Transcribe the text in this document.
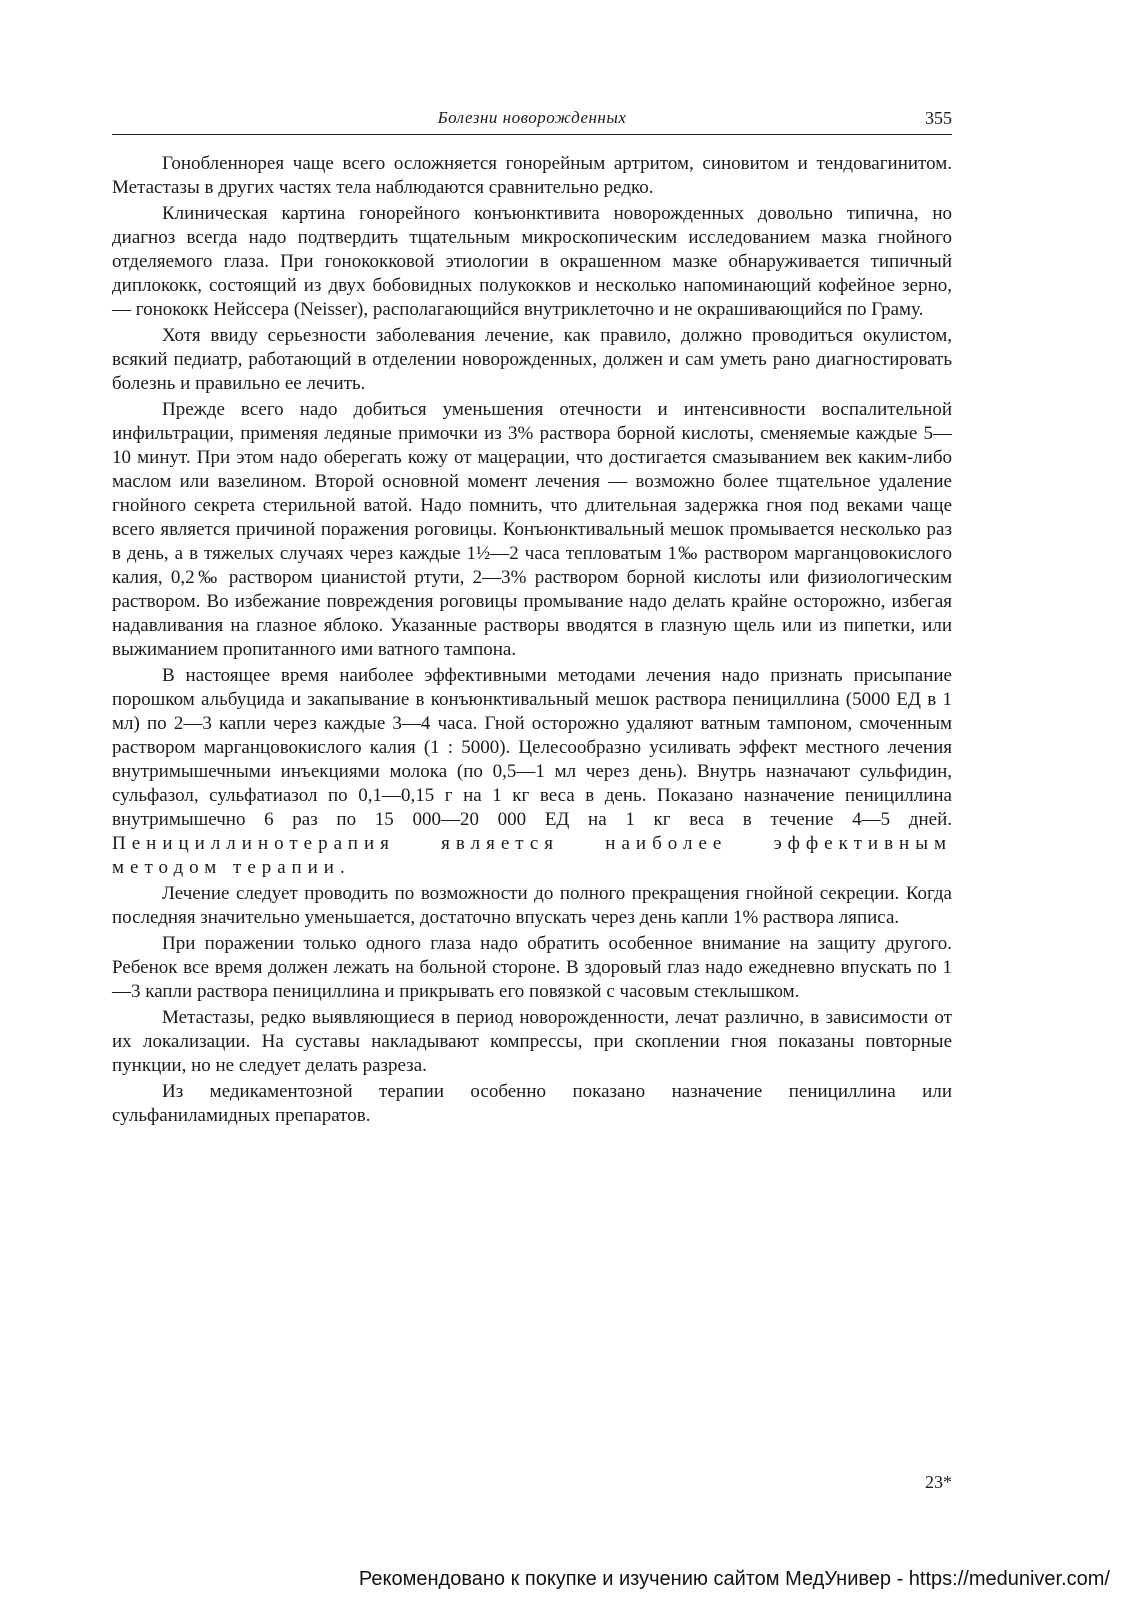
Болезни новорожденных	355

Гонобленнорея чаще всего осложняется гонорейным артритом, синовитом и тендовагинитом. Метастазы в других частях тела наблюдаются сравнительно редко.

Клиническая картина гонорейного конъюнктивита новорожденных довольно типична, но диагноз всегда надо подтвердить тщательным микроскопическим исследованием мазка гнойного отделяемого глаза. При гонококковой этиологии в окрашенном мазке обнаруживается типичный диплококк, состоящий из двух бобовидных полукокков и несколько напоминающий кофейное зерно, — гонококк Нейссера (Neisser), располагающийся внутриклеточно и не окрашивающийся по Граму.

Хотя ввиду серьезности заболевания лечение, как правило, должно проводиться окулистом, всякий педиатр, работающий в отделении новорожденных, должен и сам уметь рано диагностировать болезнь и правильно ее лечить.

Прежде всего надо добиться уменьшения отечности и интенсивности воспалительной инфильтрации, применяя ледяные примочки из 3% раствора борной кислоты, сменяемые каждые 5—10 минут. При этом надо оберегать кожу от мацерации, что достигается смазыванием век каким-либо маслом или вазелином. Второй основной момент лечения — возможно более тщательное удаление гнойного секрета стерильной ватой. Надо помнить, что длительная задержка гноя под веками чаще всего является причиной поражения роговицы. Конъюнктивальный мешок промывается несколько раз в день, а в тяжелых случаях через каждые 1½—2 часа тепловатым 1‰ раствором марганцовокислого калия, 0,2‰ раствором цианистой ртути, 2—3% раствором борной кислоты или физиологическим раствором. Во избежание повреждения роговицы промывание надо делать крайне осторожно, избегая надавливания на глазное яблоко. Указанные растворы вводятся в глазную щель или из пипетки, или выжиманием пропитанного ими ватного тампона.

В настоящее время наиболее эффективными методами лечения надо признать присыпание порошком альбуцида и закапывание в конъюнктивальный мешок раствора пенициллина (5000 ЕД в 1 мл) по 2—3 капли через каждые 3—4 часа. Гной осторожно удаляют ватным тампоном, смоченным раствором марганцовокислого калия (1 : 5000). Целесообразно усиливать эффект местного лечения внутримышечными инъекциями молока (по 0,5—1 мл через день). Внутрь назначают сульфидин, сульфазол, сульфатиазол по 0,1—0,15 г на 1 кг веса в день. Показано назначение пенициллина внутримышечно 6 раз по 15 000—20 000 ЕД на 1 кг веса в течение 4—5 дней. Пенициллинотерапия является наиболее эффективным методом терапии.

Лечение следует проводить по возможности до полного прекращения гнойной секреции. Когда последняя значительно уменьшается, достаточно впускать через день капли 1% раствора ляписа.

При поражении только одного глаза надо обратить особенное внимание на защиту другого. Ребенок все время должен лежать на больной стороне. В здоровый глаз надо ежедневно впускать по 1—3 капли раствора пенициллина и прикрывать его повязкой с часовым стеклышком.

Метастазы, редко выявляющиеся в период новорожденности, лечат различно, в зависимости от их локализации. На суставы накладывают компрессы, при скоплении гноя показаны повторные пункции, но не следует делать разреза.

Из медикаментозной терапии особенно показано назначение пенициллина или сульфаниламидных препаратов.

23*
Рекомендовано к покупке и изучению сайтом МедУнивер - https://meduniver.com/
